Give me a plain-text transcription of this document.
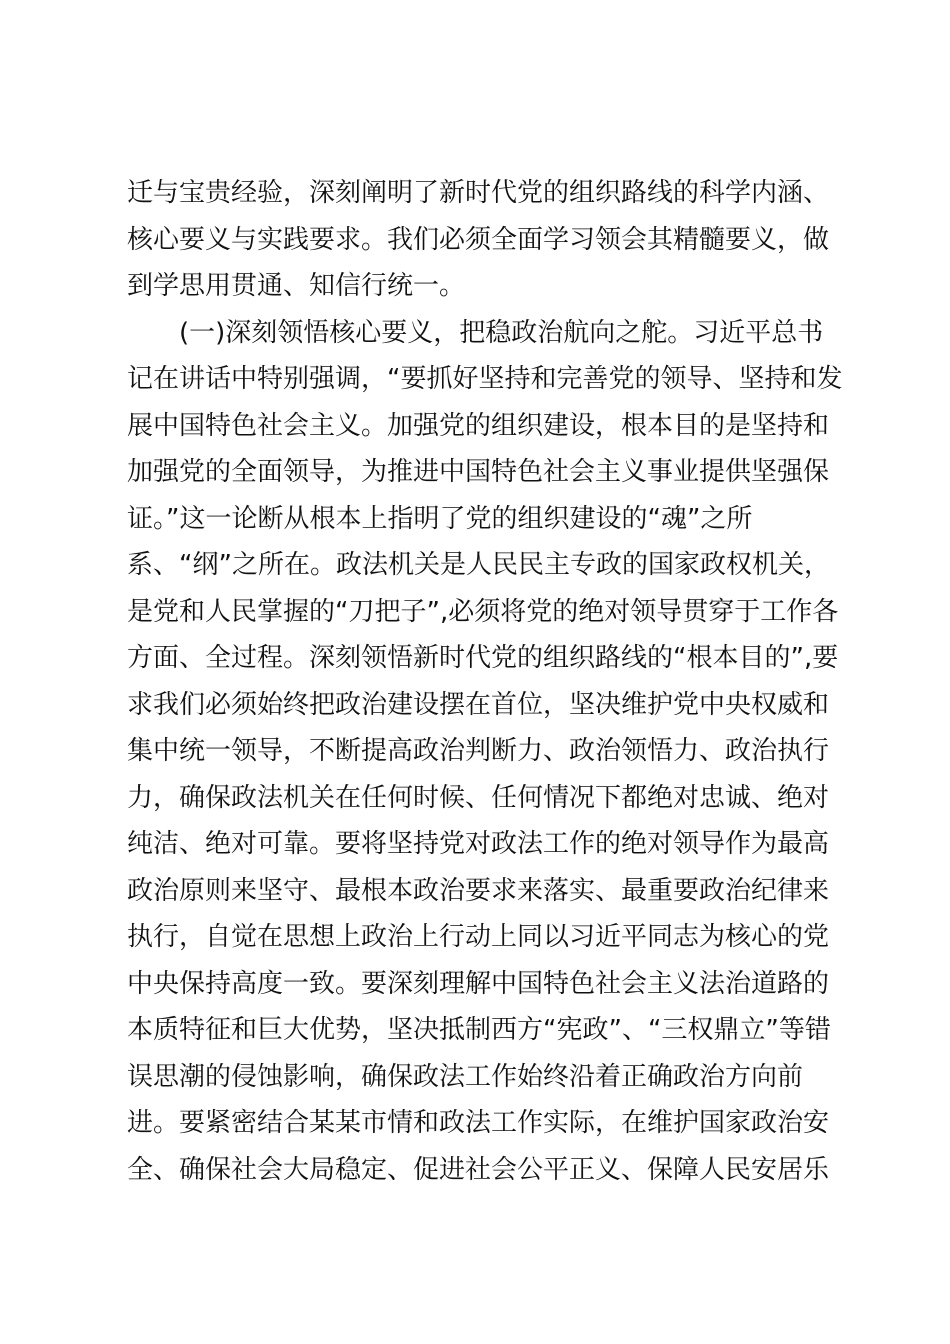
迁与宝贵经验，深刻阐明了新时代党的组织路线的科学内涵、
核心要义与实践要求。我们必须全面学习领会其精髓要义，做
到学思用贯通、知信行统一。
(一)深刻领悟核心要义，把稳政治航向之舵。习近平总书
记在讲话中特别强调，“要抓好坚持和完善党的领导、坚持和发
展中国特色社会主义。加强党的组织建设，根本目的是坚持和
加强党的全面领导，为推进中国特色社会主义事业提供坚强保
证。”这一论断从根本上指明了党的组织建设的“魂”之所
系、“纲”之所在。政法机关是人民民主专政的国家政权机关，
是党和人民掌握的“刀把子”,必须将党的绝对领导贯穿于工作各
方面、全过程。深刻领悟新时代党的组织路线的“根本目的”,要
求我们必须始终把政治建设摆在首位，坚决维护党中央权威和
集中统一领导，不断提高政治判断力、政治领悟力、政治执行
力，确保政法机关在任何时候、任何情况下都绝对忠诚、绝对
纯洁、绝对可靠。要将坚持党对政法工作的绝对领导作为最高
政治原则来坚守、最根本政治要求来落实、最重要政治纪律来
执行，自觉在思想上政治上行动上同以习近平同志为核心的党
中央保持高度一致。要深刻理解中国特色社会主义法治道路的
本质特征和巨大优势，坚决抵制西方“宪政”、“三权鼎立”等错
误思潮的侵蚀影响，确保政法工作始终沿着正确政治方向前
进。要紧密结合某某市情和政法工作实际，在维护国家政治安
全、确保社会大局稳定、促进社会公平正义、保障人民安居乐
